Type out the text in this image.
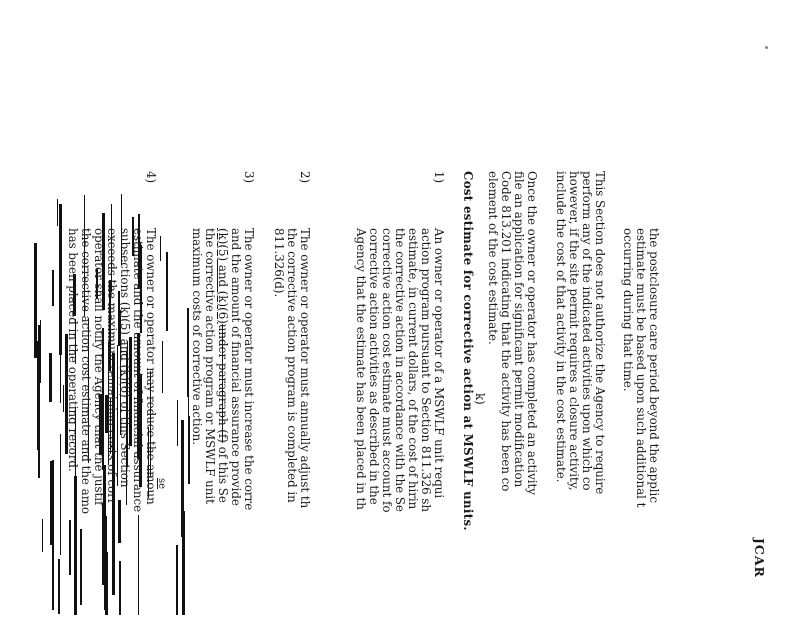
JCAR
the postclosure care period beyond the applic
estimate must be based upon such additional t
occurring during that time.
This Section does not authorize the Agency to require
perform any of the indicated activities upon which co
however, if the site permit requires a closure activity,
include the cost of that activity in the cost estimate.
Once the owner or operator has completed an activity
file an application for significant permit modification
Code 813.201 indicating that the activity has been co
element of the cost estimate.
k)
Cost estimate for corrective action at MSWLF units.
1)
An owner or operator of a MSWLF unit requi
action program pursuant to Section 811.326 sh
estimate, in current dollars, of the cost of hirin
the corrective action in accordance with the Se
corrective action cost estimate must account fo
corrective action activities as described in the
Agency that the estimate has been placed in th
2)
The owner or operator must annually adjust th
the corrective action program is completed in
811.326(d).
3)
The owner or operator must increase the corre
and the amount of financial assurance provide
(k)(5) and (k)(6)under paragraph (f) of this Se
the corrective action program or MSWLF unit
maximum costs of corrective action.
4)
The owner or operator may reduce the amoun
estimate and the amount of financial assurance
subsections (k)(5) and (k)(6) of this Section
exceeds the maximum remaining costs of corr
operator shall notify the Agency that the justif
the corrective action cost estimate and the amo
has been placed in the operating record.
se
